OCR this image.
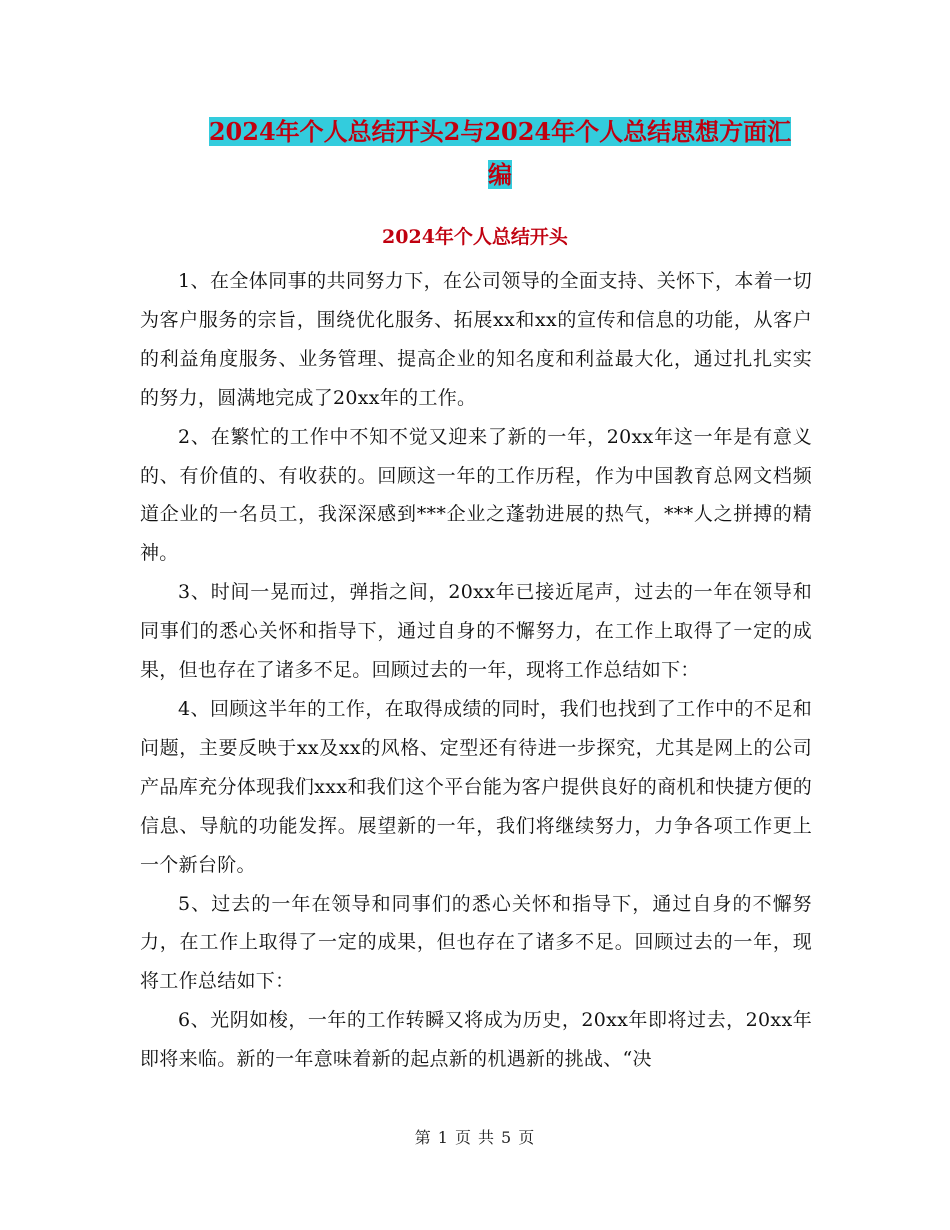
2024年个人总结开头2与2024年个人总结思想方面汇
编
2024年个人总结开头

1、在全体同事的共同努力下，在公司领导的全面支持、关怀下，本着一切为客户服务的宗旨，围绕优化服务、拓展xx和xx的宣传和信息的功能，从客户的利益角度服务、业务管理、提高企业的知名度和利益最大化，通过扎扎实实的努力，圆满地完成了20xx年的工作。

2、在繁忙的工作中不知不觉又迎来了新的一年，20xx年这一年是有意义的、有价值的、有收获的。回顾这一年的工作历程，作为中国教育总网文档频道企业的一名员工，我深深感到***企业之蓬勃进展的热气，***人之拼搏的精神。

3、时间一晃而过，弹指之间，20xx年已接近尾声，过去的一年在领导和同事们的悉心关怀和指导下，通过自身的不懈努力，在工作上取得了一定的成果，但也存在了诸多不足。回顾过去的一年，现将工作总结如下：

4、回顾这半年的工作，在取得成绩的同时，我们也找到了工作中的不足和问题，主要反映于xx及xx的风格、定型还有待进一步探究，尤其是网上的公司产品库充分体现我们xxx和我们这个平台能为客户提供良好的商机和快捷方便的信息、导航的功能发挥。展望新的一年，我们将继续努力，力争各项工作更上一个新台阶。

5、过去的一年在领导和同事们的悉心关怀和指导下，通过自身的不懈努力，在工作上取得了一定的成果，但也存在了诸多不足。回顾过去的一年，现将工作总结如下：

6、光阴如梭，一年的工作转瞬又将成为历史，20xx年即将过去，20xx年即将来临。新的一年意味着新的起点新的机遇新的挑战、“决

第 1 页 共 5 页
